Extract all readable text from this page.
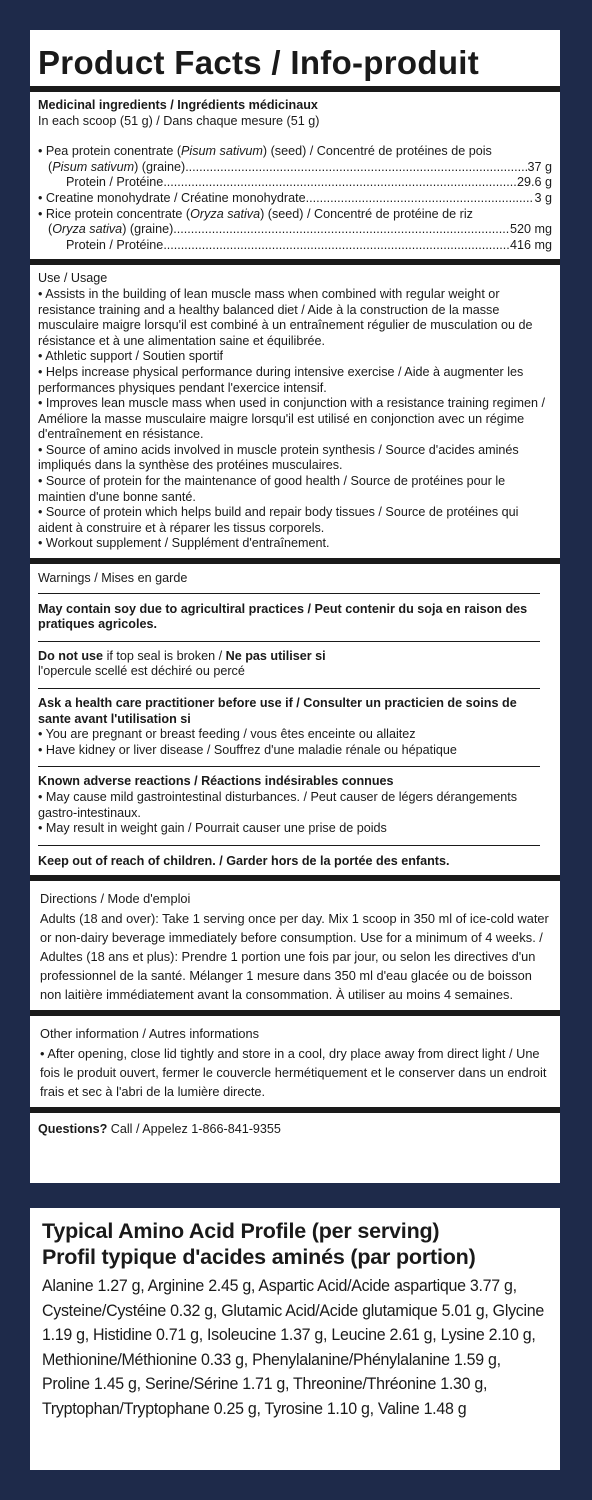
Product Facts / Info-produit
Medicinal ingredients / Ingrédients médicinaux
In each scoop (51 g) / Dans chaque mesure (51 g)
• Pea protein conentrate (Pisum sativum) (seed) / Concentré de protéines de pois
(Pisum sativum) (graine) .....	37 g
Protein / Protéine .....	29.6 g
• Creatine monohydrate / Créatine monohydrate .....	3 g
• Rice protein concentrate (Oryza sativa) (seed) / Concentré de protéine de riz
(Oryza sativa) (graine) .....	520 mg
Protein / Protéine .....	416 mg
Use / Usage
• Assists in the building of lean muscle mass when combined with regular weight or resistance training and a healthy balanced diet / Aide à la construction de la masse musculaire maigre lorsqu'il est combiné à un entraînement régulier de musculation ou de résistance et à une alimentation saine et équilibrée.
• Athletic support / Soutien sportif
• Helps increase physical performance during intensive exercise / Aide à augmenter les performances physiques pendant l'exercice intensif.
• Improves lean muscle mass when used in conjunction with a resistance training regimen / Améliore la masse musculaire maigre lorsqu'il est utilisé en conjonction avec un régime d'entraînement en résistance.
• Source of amino acids involved in muscle protein synthesis / Source d'acides aminés impliqués dans la synthèse des protéines musculaires.
• Source of protein for the maintenance of good health / Source de protéines pour le maintien d'une bonne santé.
• Source of protein which helps build and repair body tissues / Source de protéines qui aident à construire et à réparer les tissus corporels.
• Workout supplement / Supplément d'entraînement.
Warnings / Mises en garde
May contain soy due to agricultiral practices / Peut contenir du soja en raison des pratiques agricoles.
Do not use if top seal is broken / Ne pas utiliser si
l'opercule scellé est déchiré ou percé
Ask a health care practitioner before use if / Consulter un practicien de soins de sante avant l'utilisation si
• You are pregnant or breast feeding / vous êtes enceinte ou allaitez
• Have kidney or liver disease / Souffrez d'une maladie rénale ou hépatique
Known adverse reactions / Réactions indésirables connues
• May cause mild gastrointestinal disturbances. / Peut causer de légers dérangements gastro-intestinaux.
• May result in weight gain / Pourrait causer une prise de poids
Keep out of reach of children. / Garder hors de la portée des enfants.
Directions / Mode d'emploi
Adults (18 and over): Take 1 serving once per day. Mix 1 scoop in 350 ml of ice-cold water or non-dairy beverage immediately before consumption. Use for a minimum of 4 weeks. / Adultes (18 ans et plus): Prendre 1 portion une fois par jour, ou selon les directives d'un professionnel de la santé. Mélanger 1 mesure dans 350 ml d'eau glacée ou de boisson non laitière immédiatement avant la consommation. À utiliser au moins 4 semaines.
Other information / Autres informations
• After opening, close lid tightly and store in a cool, dry place away from direct light / Une fois le produit ouvert, fermer le couvercle hermétiquement et le conserver dans un endroit frais et sec à l'abri de la lumière directe.
Questions? Call / Appelez 1-866-841-9355
Typical Amino Acid Profile (per serving)
Profil typique d'acides aminés (par portion)
Alanine 1.27 g, Arginine 2.45 g, Aspartic Acid/Acide aspartique 3.77 g, Cysteine/Cystéine 0.32 g, Glutamic Acid/Acide glutamique 5.01 g, Glycine 1.19 g, Histidine 0.71 g, Isoleucine 1.37 g, Leucine 2.61 g, Lysine 2.10 g, Methionine/Méthionine 0.33 g, Phenylalanine/Phénylalanine 1.59 g, Proline 1.45 g, Serine/Sérine 1.71 g, Threonine/Thréonine 1.30 g, Tryptophan/Tryptophane 0.25 g, Tyrosine 1.10 g, Valine 1.48 g
